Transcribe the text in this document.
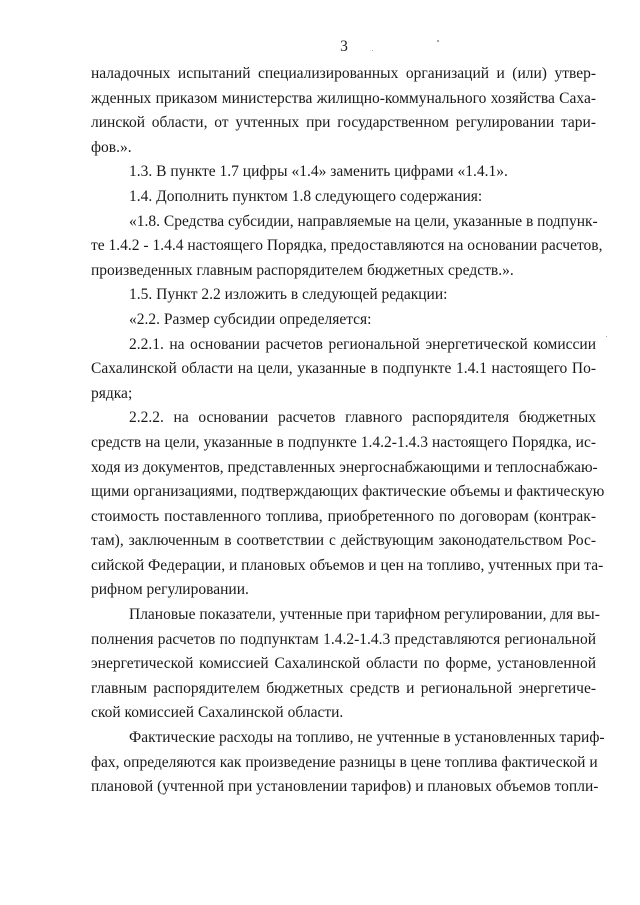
3
наладочных испытаний специализированных организаций и (или) утвер-
жденных приказом министерства жилищно-коммунального хозяйства Саха-
линской области, от учтенных при государственном регулировании тари-
фов.».
1.3. В пункте 1.7 цифры «1.4» заменить цифрами «1.4.1».
1.4. Дополнить пунктом 1.8 следующего содержания:
«1.8. Средства субсидии, направляемые на цели, указанные в подпунк-
те 1.4.2 - 1.4.4 настоящего Порядка, предоставляются на основании расчетов,
произведенных главным распорядителем бюджетных средств.».
1.5. Пункт 2.2 изложить в следующей редакции:
«2.2. Размер субсидии определяется:
2.2.1. на основании расчетов региональной энергетической комиссии
Сахалинской области на цели, указанные в подпункте 1.4.1 настоящего По-
рядка;
2.2.2. на основании расчетов главного распорядителя бюджетных
средств на цели, указанные в подпункте 1.4.2-1.4.3 настоящего Порядка, ис-
ходя из документов, представленных энергоснабжающими и теплоснабжаю-
щими организациями, подтверждающих фактические объемы и фактическую
стоимость поставленного топлива, приобретенного по договорам (контрак-
там), заключенным в соответствии с действующим законодательством Рос-
сийской Федерации, и плановых объемов и цен на топливо, учтенных при та-
рифном регулировании.
Плановые показатели, учтенные при тарифном регулировании, для вы-
полнения расчетов по подпунктам 1.4.2-1.4.3 представляются региональной
энергетической комиссией Сахалинской области по форме, установленной
главным распорядителем бюджетных средств и региональной энергетиче-
ской комиссией Сахалинской области.
Фактические расходы на топливо, не учтенные в установленных тариф-
фах, определяются как произведение разницы в цене топлива фактической и
плановой (учтенной при установлении тарифов) и плановых объемов топли-
